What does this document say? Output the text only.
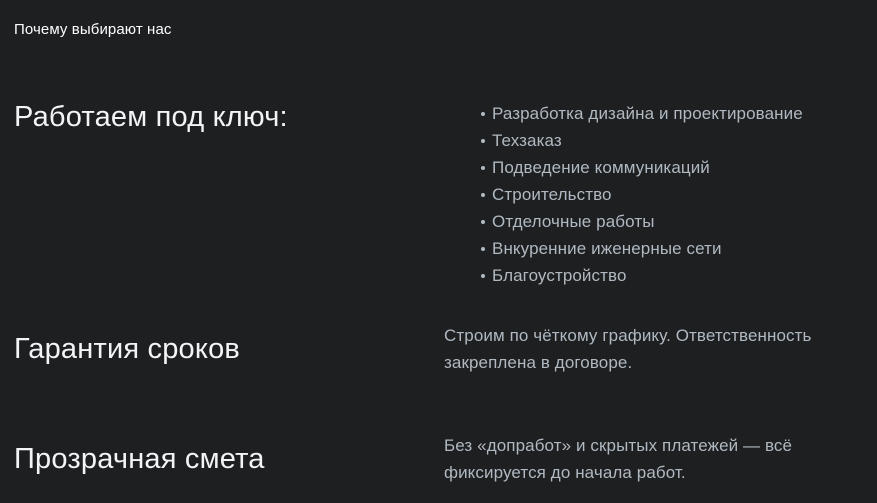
Почему выбирают нас
Работаем под ключ:	Разработка дизайна и проектирование
Техзаказ
Подведение коммуникаций
Строительство
Отделочные работы
Внкуренние иженерные сети
Благоустройство
Гарантия сроков	Строим по чёткому графику. Ответственность
закреплена в договоре.

Прозрачная смета	Без «допработ» и скрытых платежей — всё
фиксируется до начала работ.
